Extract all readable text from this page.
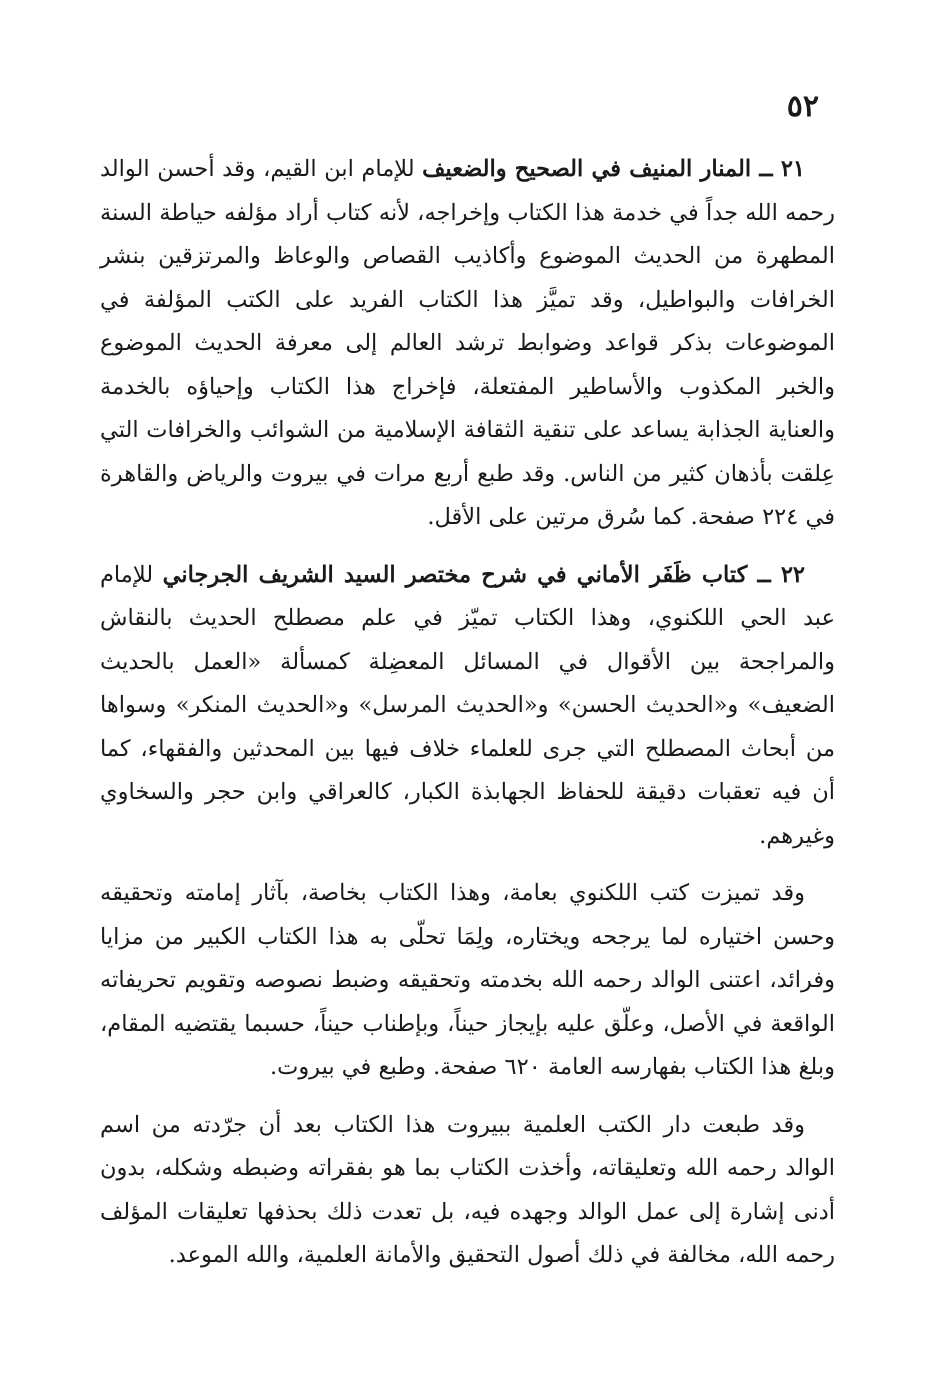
٥٢

٢١ ــ المنار المنيف في الصحيح والضعيف للإمام ابن القيم، وقد أحسن الوالد رحمه الله جداً في خدمة هذا الكتاب وإخراجه، لأنه كتاب أراد مؤلفه حياطة السنة المطهرة من الحديث الموضوع وأكاذيب القصاص والوعاظ والمرتزقين بنشر الخرافات والبواطيل، وقد تميَّز هذا الكتاب الفريد على الكتب المؤلفة في الموضوعات بذكر قواعد وضوابط ترشد العالم إلى معرفة الحديث الموضوع والخبر المكذوب والأساطير المفتعلة، فإخراج هذا الكتاب وإحياؤه بالخدمة والعناية الجذابة يساعد على تنقية الثقافة الإسلامية من الشوائب والخرافات التي عِلقت بأذهان كثير من الناس. وقد طبع أربع مرات في بيروت والرياض والقاهرة في ٢٢٤ صفحة. كما سُرق مرتين على الأقل.

٢٢ ــ كتاب ظَفَر الأماني في شرح مختصر السيد الشريف الجرجاني للإمام عبد الحي اللكنوي، وهذا الكتاب تميّز في علم مصطلح الحديث بالنقاش والمراجحة بين الأقوال في المسائل المعضِلة كمسألة «العمل بالحديث الضعيف» و«الحديث الحسن» و«الحديث المرسل» و«الحديث المنكر» وسواها من أبحاث المصطلح التي جرى للعلماء خلاف فيها بين المحدثين والفقهاء، كما أن فيه تعقبات دقيقة للحفاظ الجهابذة الكبار، كالعراقي وابن حجر والسخاوي وغيرهم.

وقد تميزت كتب اللكنوي بعامة، وهذا الكتاب بخاصة، بآثار إمامته وتحقيقه وحسن اختياره لما يرجحه ويختاره، ولِمَا تحلّى به هذا الكتاب الكبير من مزايا وفرائد، اعتنى الوالد رحمه الله بخدمته وتحقيقه وضبط نصوصه وتقويم تحريفاته الواقعة في الأصل، وعلّق عليه بإيجاز حيناً، وبإطناب حيناً، حسبما يقتضيه المقام، وبلغ هذا الكتاب بفهارسه العامة ٦٢٠ صفحة. وطبع في بيروت.

وقد طبعت دار الكتب العلمية ببيروت هذا الكتاب بعد أن جرّدته من اسم الوالد رحمه الله وتعليقاته، وأخذت الكتاب بما هو بفقراته وضبطه وشكله، بدون أدنى إشارة إلى عمل الوالد وجهده فيه، بل تعدت ذلك بحذفها تعليقات المؤلف رحمه الله، مخالفة في ذلك أصول التحقيق والأمانة العلمية، والله الموعد.
